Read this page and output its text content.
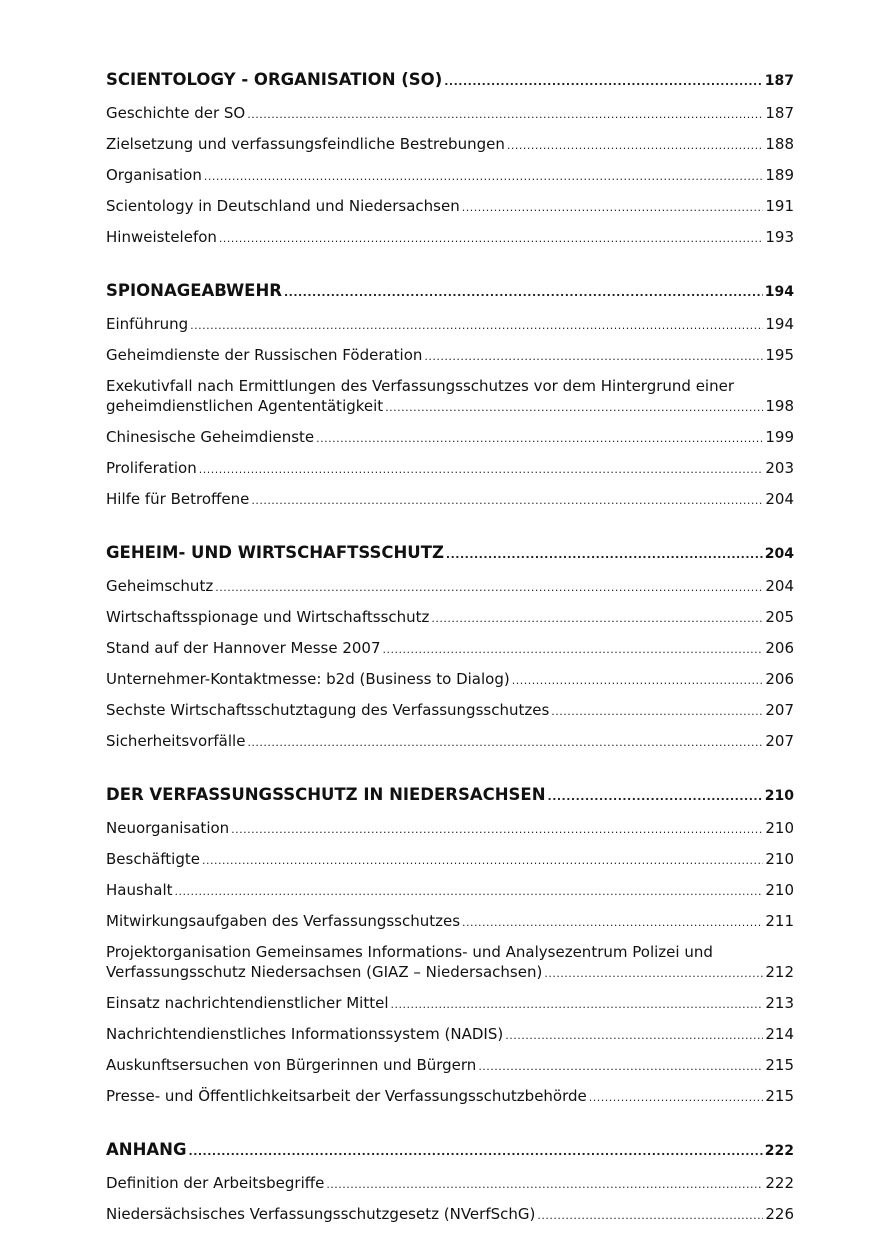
SCIENTOLOGY - ORGANISATION (SO) .....	187
Geschichte der SO .....	187
Zielsetzung und verfassungsfeindliche Bestrebungen .....	188
Organisation .....	189
Scientology in Deutschland und Niedersachsen .....	191
Hinweistelefon .....	193
SPIONAGEABWEHR .....	194
Einführung .....	194
Geheimdienste der Russischen Föderation .....	195
Exekutivfall nach Ermittlungen des Verfassungsschutzes vor dem Hintergrund einer
geheimdienstlichen Agententätigkeit .....	198
Chinesische Geheimdienste .....	199
Proliferation .....	203
Hilfe für Betroffene .....	204
GEHEIM- UND WIRTSCHAFTSSCHUTZ .....	204
Geheimschutz .....	204
Wirtschaftsspionage und Wirtschaftsschutz .....	205
Stand auf der Hannover Messe 2007 .....	206
Unternehmer-Kontaktmesse: b2d (Business to Dialog) .....	206
Sechste Wirtschaftsschutztagung des Verfassungsschutzes .....	207
Sicherheitsvorfälle .....	207
DER VERFASSUNGSSCHUTZ IN NIEDERSACHSEN .....	210
Neuorganisation .....	210
Beschäftigte .....	210
Haushalt .....	210
Mitwirkungsaufgaben des Verfassungsschutzes .....	211
Projektorganisation Gemeinsames Informations- und Analysezentrum Polizei und
Verfassungsschutz Niedersachsen (GIAZ – Niedersachsen) .....	212
Einsatz nachrichtendienstlicher Mittel .....	213
Nachrichtendienstliches Informationssystem (NADIS) .....	214
Auskunftsersuchen von Bürgerinnen und Bürgern .....	215
Presse- und Öffentlichkeitsarbeit der Verfassungsschutzbehörde .....	215
ANHANG .....	222
Definition der Arbeitsbegriffe .....	222
Niedersächsisches Verfassungsschutzgesetz (NVerfSchG) .....	226
